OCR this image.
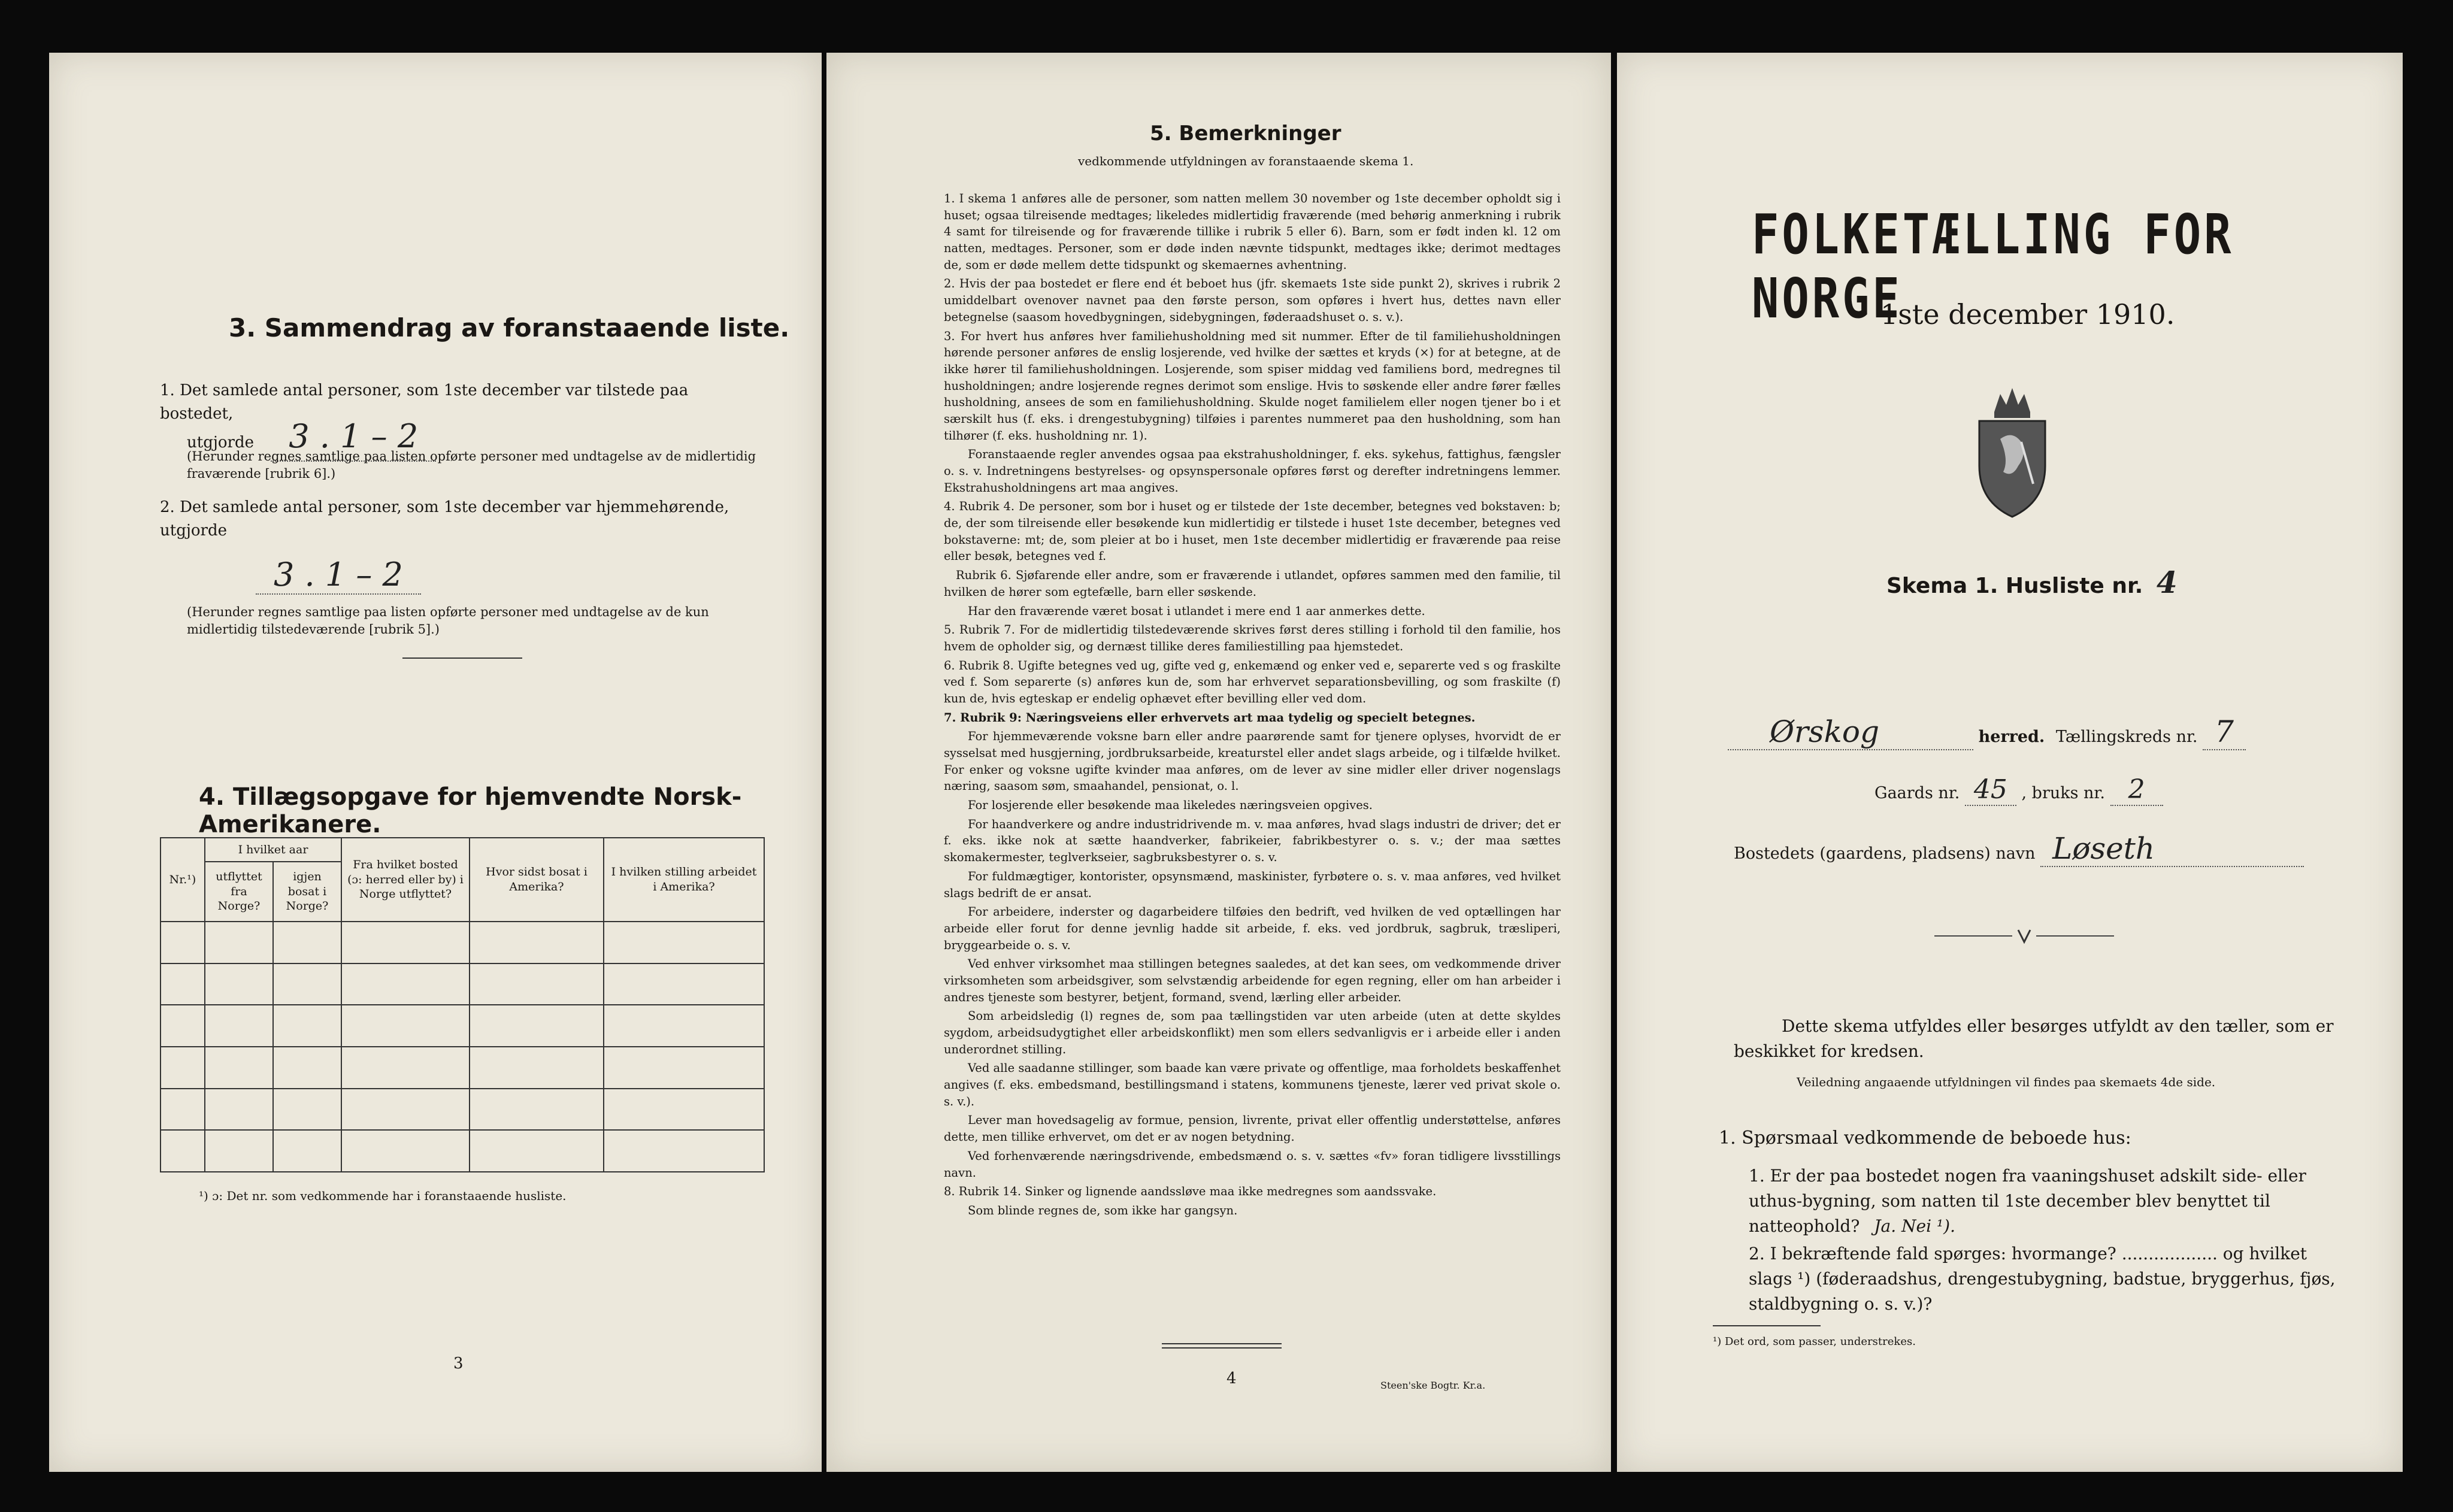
3. Sammendrag av foranstaaende liste.
1. Det samlede antal personer, som 1ste december var tilstede paa bostedet,
utgjorde 3 . 1 – 2
(Herunder regnes samtlige paa listen opførte personer med undtagelse av de midlertidig fraværende [rubrik 6].)
2. Det samlede antal personer, som 1ste december var hjemmehørende, utgjorde
3 . 1 – 2
(Herunder regnes samtlige paa listen opførte personer med undtagelse av de kun midlertidig tilstedeværende [rubrik 5].)
4. Tillægsopgave for hjemvendte Norsk-Amerikanere.
Nr.¹)	I hvilket aar		Fra hvilket bosted (ɔ: herred eller by) i Norge utflyttet?	Hvor sidst bosat i Amerika?	I hvilken stilling arbeidet i Amerika?
	utflyttet fra Norge?	igjen bosat i Norge?			

¹) ɔ: Det nr. som vedkommende har i foranstaaende husliste.
3
5. Bemerkninger
vedkommende utfyldningen av foranstaaende skema 1.

1. I skema 1 anføres alle de personer, som natten mellem 30 november og 1ste december opholdt sig i huset; ogsaa tilreisende medtages; likeledes midlertidig fraværende (med behørig anmerkning i rubrik 4 samt for tilreisende og for fraværende tillike i rubrik 5 eller 6). Barn, som er født inden kl. 12 om natten, medtages. Personer, som er døde inden nævnte tidspunkt, medtages ikke; derimot medtages de, som er døde mellem dette tidspunkt og skemaernes avhentning.

2. Hvis der paa bostedet er flere end ét beboet hus (jfr. skemaets 1ste side punkt 2), skrives i rubrik 2 umiddelbart ovenover navnet paa den første person, som opføres i hvert hus, dettes navn eller betegnelse (saasom hovedbygningen, sidebygningen, føderaadshuset o. s. v.).

3. For hvert hus anføres hver familiehusholdning med sit nummer. Efter de til familiehusholdningen hørende personer anføres de enslig losjerende, ved hvilke der sættes et kryds (×) for at betegne, at de ikke hører til familiehusholdningen. Losjerende, som spiser middag ved familiens bord, medregnes til husholdningen; andre losjerende regnes derimot som enslige. Hvis to søskende eller andre fører fælles husholdning, ansees de som en familiehusholdning. Skulde noget familielem eller nogen tjener bo i et særskilt hus (f. eks. i drengestubygning) tilføies i parentes nummeret paa den husholdning, som han tilhører (f. eks. husholdning nr. 1).

Foranstaaende regler anvendes ogsaa paa ekstrahusholdninger, f. eks. sykehus, fattighus, fængsler o. s. v. Indretningens bestyrelses- og opsynspersonale opføres først og derefter indretningens lemmer. Ekstrahusholdningens art maa angives.

4. Rubrik 4. De personer, som bor i huset og er tilstede der 1ste december, betegnes ved bokstaven: b; de, der som tilreisende eller besøkende kun midlertidig er tilstede i huset 1ste december, betegnes ved bokstaverne: mt; de, som pleier at bo i huset, men 1ste december midlertidig er fraværende paa reise eller besøk, betegnes ved f.

Rubrik 6. Sjøfarende eller andre, som er fraværende i utlandet, opføres sammen med den familie, til hvilken de hører som egtefælle, barn eller søskende.

Har den fraværende været bosat i utlandet i mere end 1 aar anmerkes dette.

5. Rubrik 7. For de midlertidig tilstedeværende skrives først deres stilling i forhold til den familie, hos hvem de opholder sig, og dernæst tillike deres familiestilling paa hjemstedet.

6. Rubrik 8. Ugifte betegnes ved ug, gifte ved g, enkemænd og enker ved e, separerte ved s og fraskilte ved f. Som separerte (s) anføres kun de, som har erhvervet separationsbevilling, og som fraskilte (f) kun de, hvis egteskap er endelig ophævet efter bevilling eller ved dom.

7. Rubrik 9: Næringsveiens eller erhvervets art maa tydelig og specielt betegnes.

For hjemmeværende voksne barn eller andre paarørende samt for tjenere oplyses, hvorvidt de er sysselsat med husgjerning, jordbruksarbeide, kreaturstel eller andet slags arbeide, og i tilfælde hvilket. For enker og voksne ugifte kvinder maa anføres, om de lever av sine midler eller driver nogenslags næring, saasom søm, smaahandel, pensionat, o. l.

For losjerende eller besøkende maa likeledes næringsveien opgives.

For haandverkere og andre industridrivende m. v. maa anføres, hvad slags industri de driver; det er f. eks. ikke nok at sætte haandverker, fabrikeier, fabrikbestyrer o. s. v.; der maa sættes skomakermester, teglverkseier, sagbruksbestyrer o. s. v.

For fuldmægtiger, kontorister, opsynsmænd, maskinister, fyrbøtere o. s. v. maa anføres, ved hvilket slags bedrift de er ansat.

For arbeidere, inderster og dagarbeidere tilføies den bedrift, ved hvilken de ved optællingen har arbeide eller forut for denne jevnlig hadde sit arbeide, f. eks. ved jordbruk, sagbruk, træsliperi, bryggearbeide o. s. v.

Ved enhver virksomhet maa stillingen betegnes saaledes, at det kan sees, om vedkommende driver virksomheten som arbeidsgiver, som selvstændig arbeidende for egen regning, eller om han arbeider i andres tjeneste som bestyrer, betjent, formand, svend, lærling eller arbeider.

Som arbeidsledig (l) regnes de, som paa tællingstiden var uten arbeide (uten at dette skyldes sygdom, arbeidsudygtighet eller arbeidskonflikt) men som ellers sedvanligvis er i arbeide eller i anden underordnet stilling.

Ved alle saadanne stillinger, som baade kan være private og offentlige, maa forholdets beskaffenhet angives (f. eks. embedsmand, bestillingsmand i statens, kommunens tjeneste, lærer ved privat skole o. s. v.).

Lever man hovedsagelig av formue, pension, livrente, privat eller offentlig understøttelse, anføres dette, men tillike erhvervet, om det er av nogen betydning.

Ved forhenværende næringsdrivende, embedsmænd o. s. v. sættes «fv» foran tidligere livsstillings navn.

8. Rubrik 14. Sinker og lignende aandssløve maa ikke medregnes som aandssvake.

Som blinde regnes de, som ikke har gangsyn.

4	Steen'ske Bogtr. Kr.a.
FOLKETÆLLING FOR NORGE
1ste december 1910.
Skema 1. Husliste nr. 4
Ørskog	herred. Tællingskreds nr. 7
Gaards nr. 45 , bruks nr. 2
Bostedets (gaardens, pladsens) navn Løseth
Dette skema utfyldes eller besørges utfyldt av den tæller, som er beskikket for kredsen.
Veiledning angaaende utfyldningen vil findes paa skemaets 4de side.
1. Spørsmaal vedkommende de beboede hus:
1. Er der paa bostedet nogen fra vaaningshuset adskilt side- eller uthus-bygning, som natten til 1ste december blev benyttet til natteophold? Ja. Nei ¹).
2. I bekræftende fald spørges: hvormange? .................. og hvilket slags ¹) (føderaadshus, drengestubygning, badstue, bryggerhus, fjøs, staldbygning o. s. v.)?
¹) Det ord, som passer, understrekes.
